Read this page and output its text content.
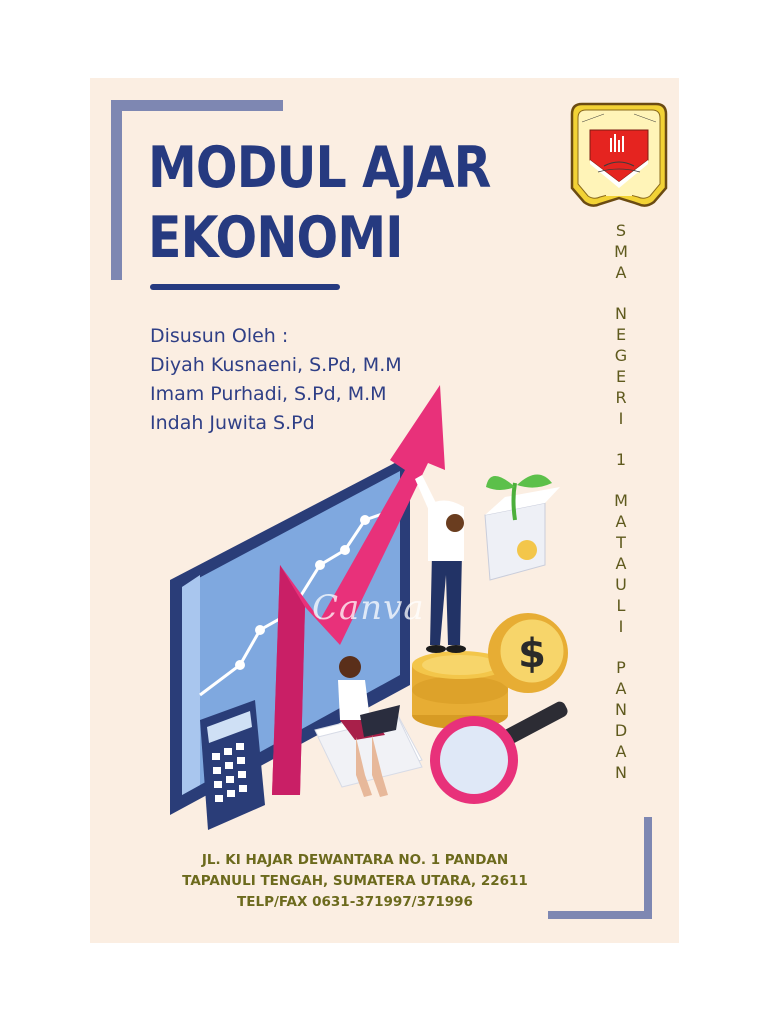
MODUL AJAR
EKONOMI
Disusun Oleh :
Diyah Kusnaeni, S.Pd, M.M
Imam Purhadi, S.Pd, M.M
Indah Juwita S.Pd
S
M
A
N
E
G
E
R
I
1
M
A
T
A
U
L
I
P
A
N
D
A
N
$
Canva
JL. KI HAJAR DEWANTARA NO. 1 PANDAN
TAPANULI TENGAH, SUMATERA UTARA, 22611
TELP/FAX 0631-371997/371996
